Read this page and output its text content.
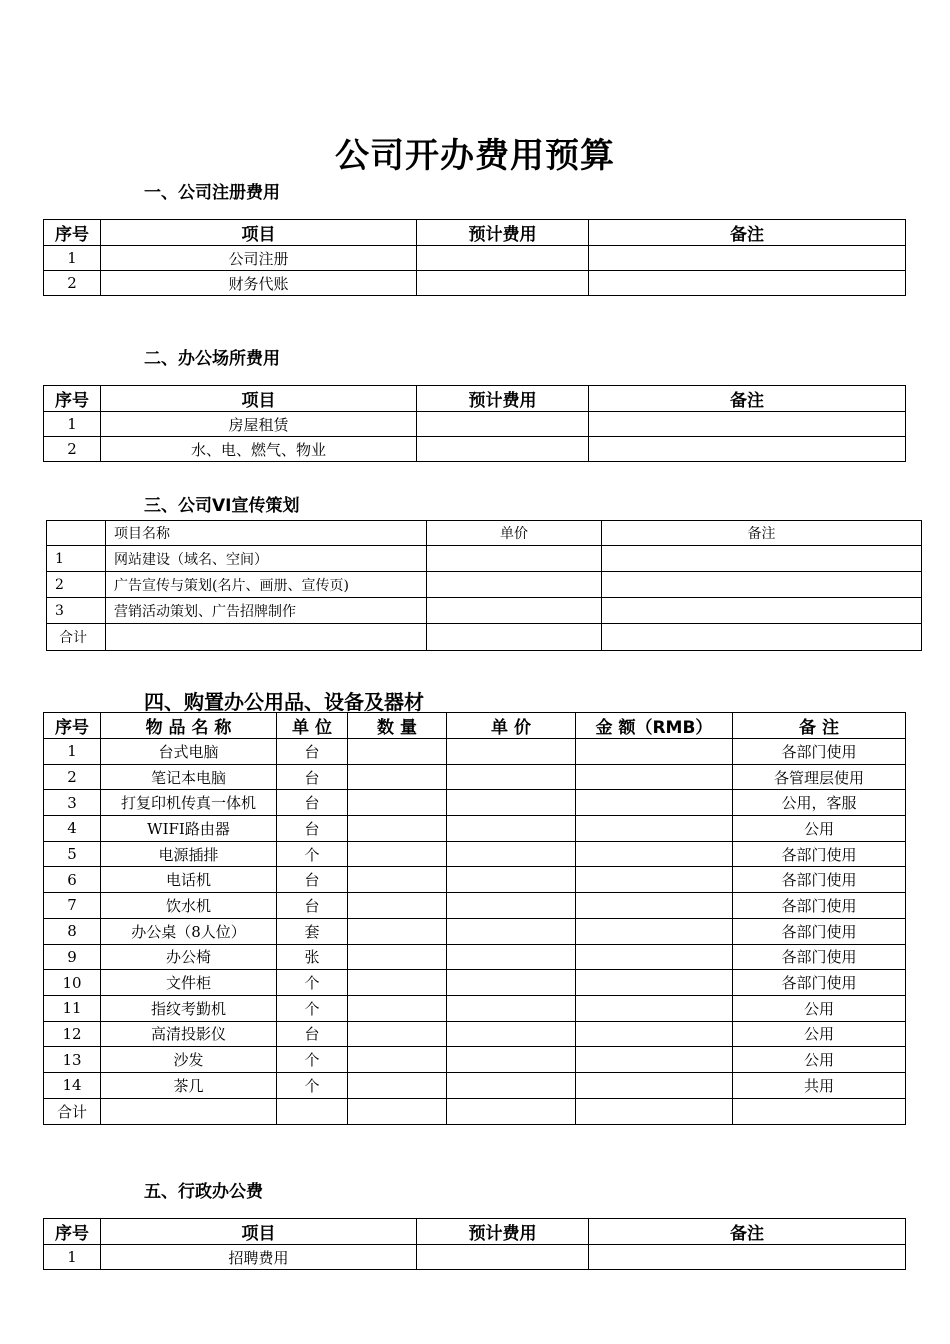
公司开办费用预算
一、公司注册费用
序号	项目	预计费用	备注
1	公司注册		
2	财务代账		
二、办公场所费用
序号	项目	预计费用	备注
1	房屋租赁		
2	水、电、燃气、物业		
三、公司VI宣传策划
	项目名称	单价	备注
1	网站建设（域名、空间）		
2	广告宣传与策划(名片、画册、宣传页)		
3	营销活动策划、广告招牌制作		
合计			
四、购置办公用品、设备及器材
序号	物 品 名 称	单 位	数 量	单 价	金 额（RMB）	备 注
1	台式电脑	台				各部门使用
2	笔记本电脑	台				各管理层使用
3	打复印机传真一体机	台				公用，客服
4	WIFI路由器	台				公用
5	电源插排	个				各部门使用
6	电话机	台				各部门使用
7	饮水机	台				各部门使用
8	办公桌（8人位）	套				各部门使用
9	办公椅	张				各部门使用
10	文件柜	个				各部门使用
11	指纹考勤机	个				公用
12	高清投影仪	台				公用
13	沙发	个				公用
14	茶几	个				共用
合计						
五、行政办公费
序号	项目	预计费用	备注
1	招聘费用		
